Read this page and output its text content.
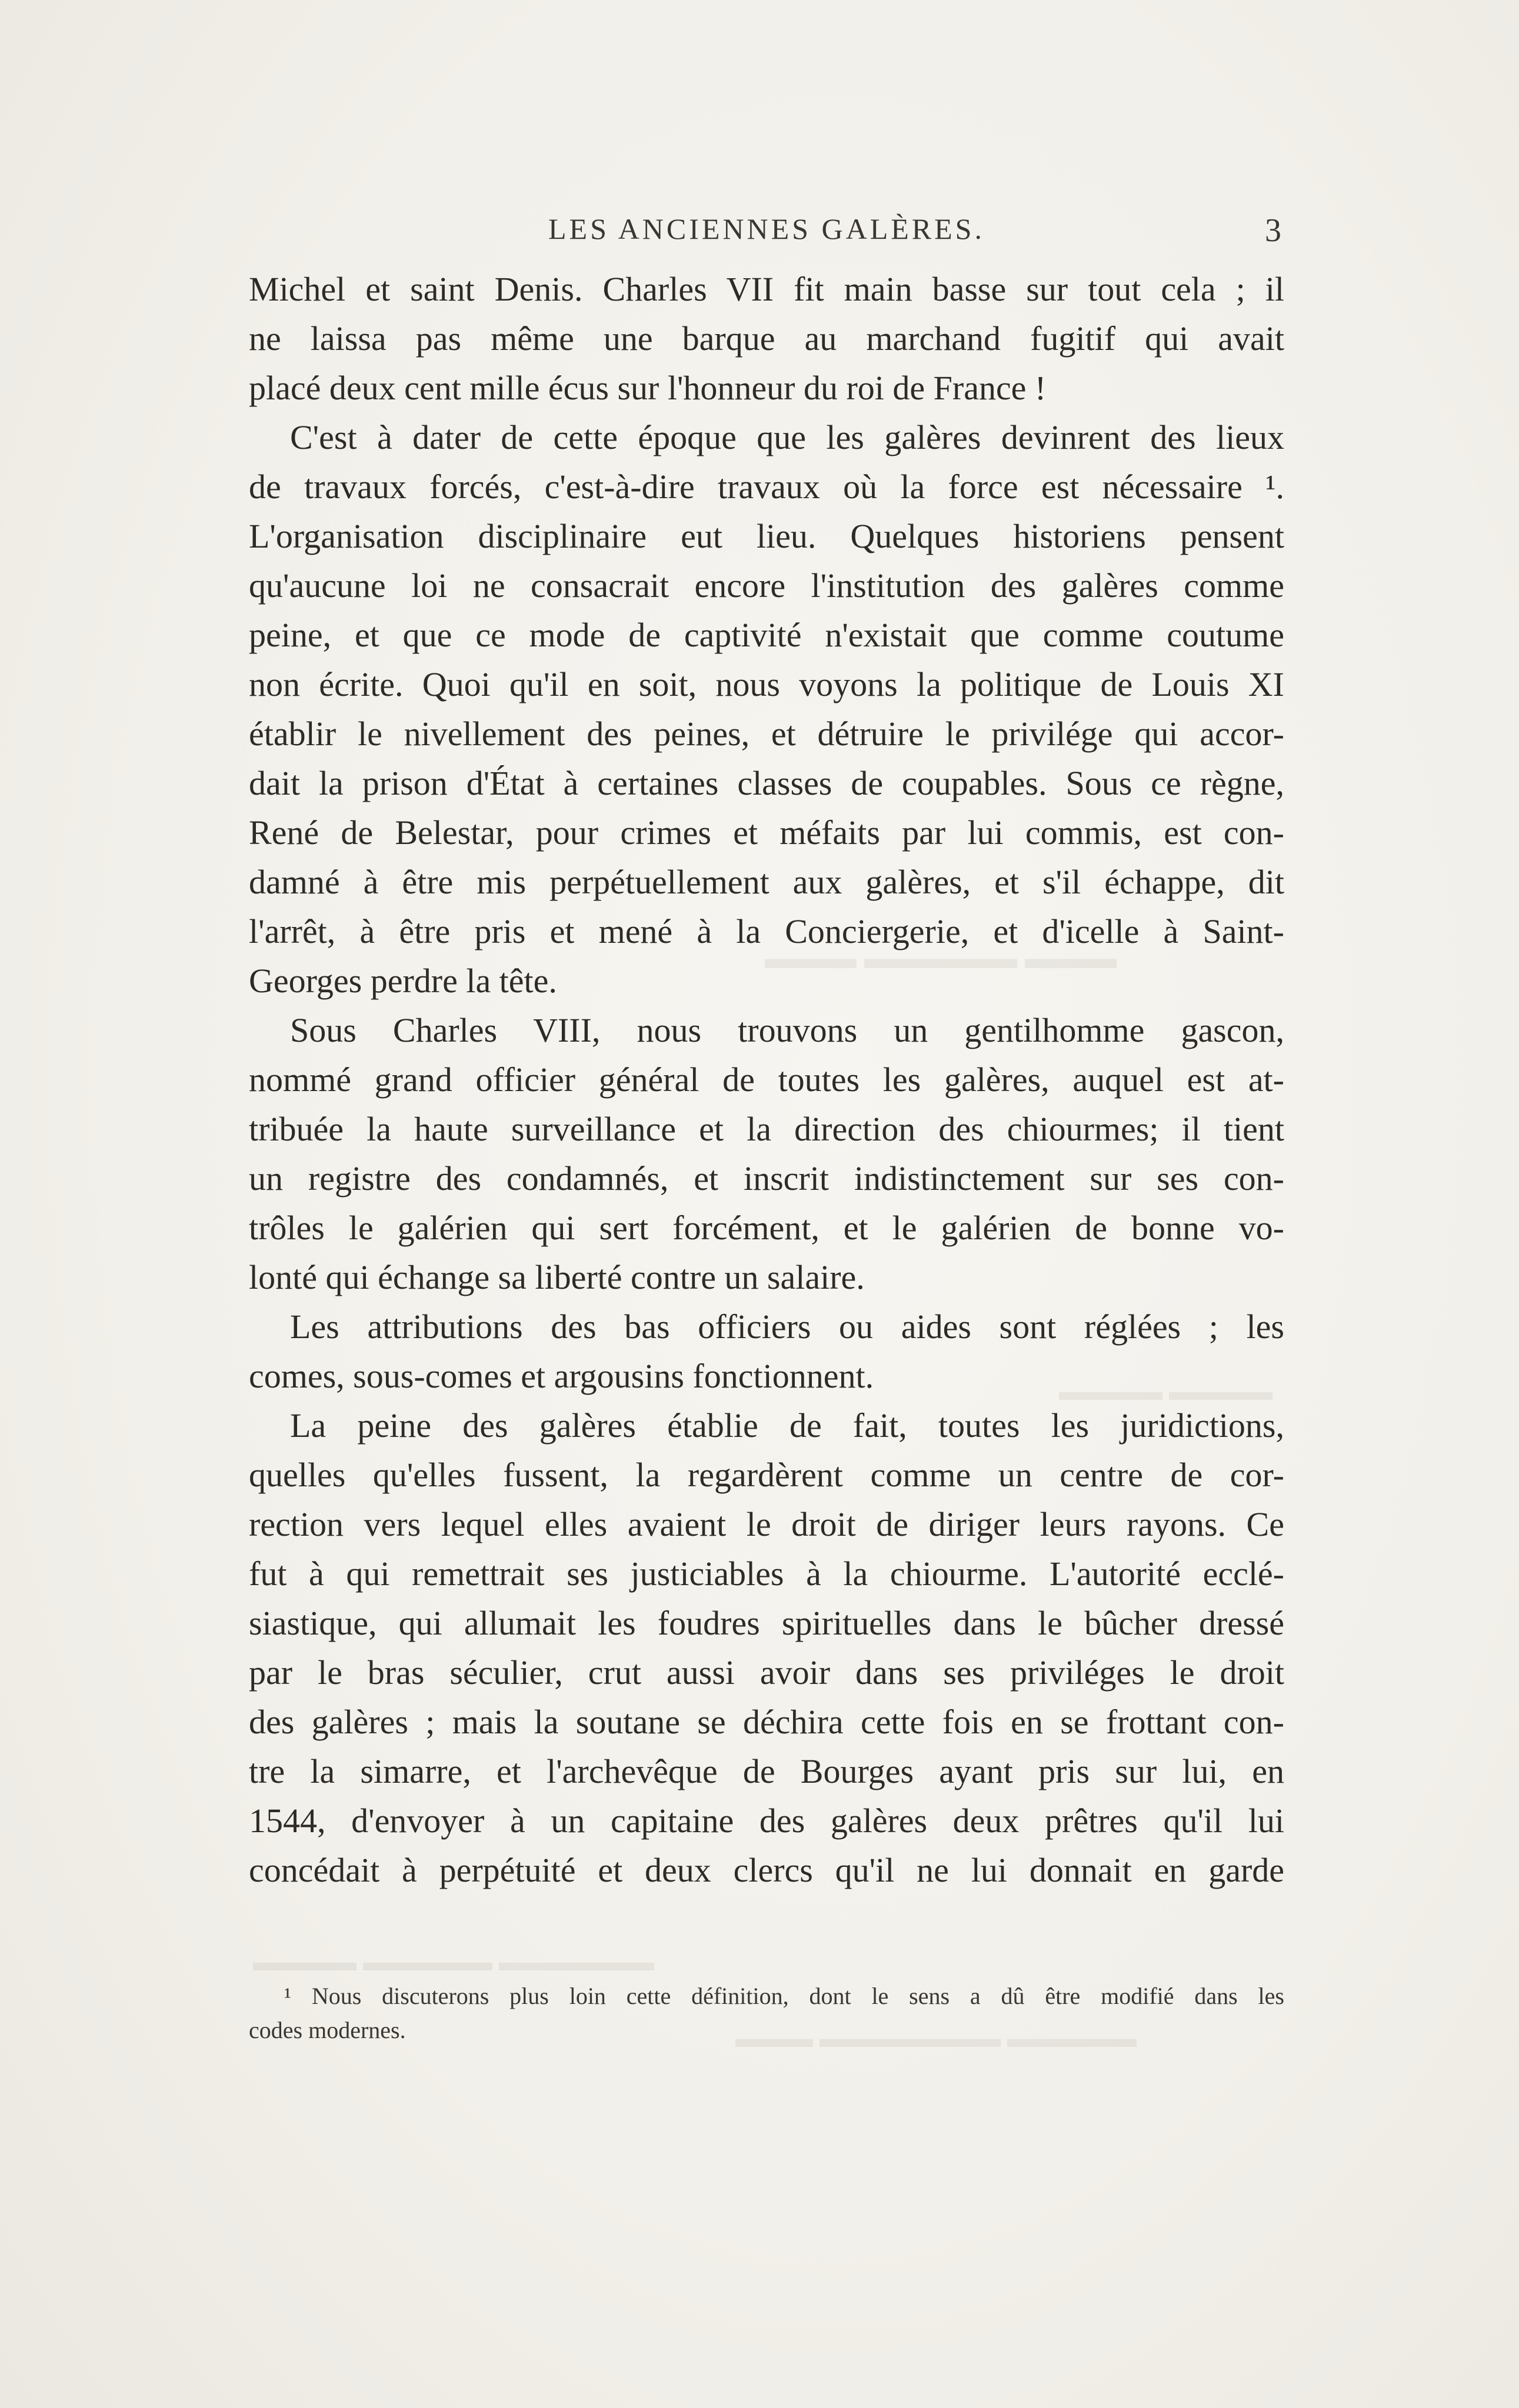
▬▬▬ ▬▬▬▬▬ ▬▬▬
▬▬▬▬ ▬▬▬▬
▬▬▬▬▬▬ ▬▬▬▬▬ ▬▬▬▬
▬▬▬▬▬ ▬▬▬▬▬▬▬ ▬▬▬
LES ANCIENNES GALÈRES.	3
Michel et saint Denis. Charles VII fit main basse sur tout cela ; il
ne laissa pas même une barque au marchand fugitif qui avait
placé deux cent mille écus sur l'honneur du roi de France !
C'est à dater de cette époque que les galères devinrent des lieux
de travaux forcés, c'est-à-dire travaux où la force est nécessaire ¹.
L'organisation disciplinaire eut lieu. Quelques historiens pensent
qu'aucune loi ne consacrait encore l'institution des galères comme
peine, et que ce mode de captivité n'existait que comme coutume
non écrite. Quoi qu'il en soit, nous voyons la politique de Louis XI
établir le nivellement des peines, et détruire le privilége qui accor-
dait la prison d'État à certaines classes de coupables. Sous ce règne,
René de Belestar, pour crimes et méfaits par lui commis, est con-
damné à être mis perpétuellement aux galères, et s'il échappe, dit
l'arrêt, à être pris et mené à la Conciergerie, et d'icelle à Saint-
Georges perdre la tête.
Sous Charles VIII, nous trouvons un gentilhomme gascon,
nommé grand officier général de toutes les galères, auquel est at-
tribuée la haute surveillance et la direction des chiourmes; il tient
un registre des condamnés, et inscrit indistinctement sur ses con-
trôles le galérien qui sert forcément, et le galérien de bonne vo-
lonté qui échange sa liberté contre un salaire.
Les attributions des bas officiers ou aides sont réglées ; les
comes, sous-comes et argousins fonctionnent.
La peine des galères établie de fait, toutes les juridictions,
quelles qu'elles fussent, la regardèrent comme un centre de cor-
rection vers lequel elles avaient le droit de diriger leurs rayons. Ce
fut à qui remettrait ses justiciables à la chiourme. L'autorité ecclé-
siastique, qui allumait les foudres spirituelles dans le bûcher dressé
par le bras séculier, crut aussi avoir dans ses priviléges le droit
des galères ; mais la soutane se déchira cette fois en se frottant con-
tre la simarre, et l'archevêque de Bourges ayant pris sur lui, en
1544, d'envoyer à un capitaine des galères deux prêtres qu'il lui
concédait à perpétuité et deux clercs qu'il ne lui donnait en garde
¹ Nous discuterons plus loin cette définition, dont le sens a dû être modifié dans les
codes modernes.
